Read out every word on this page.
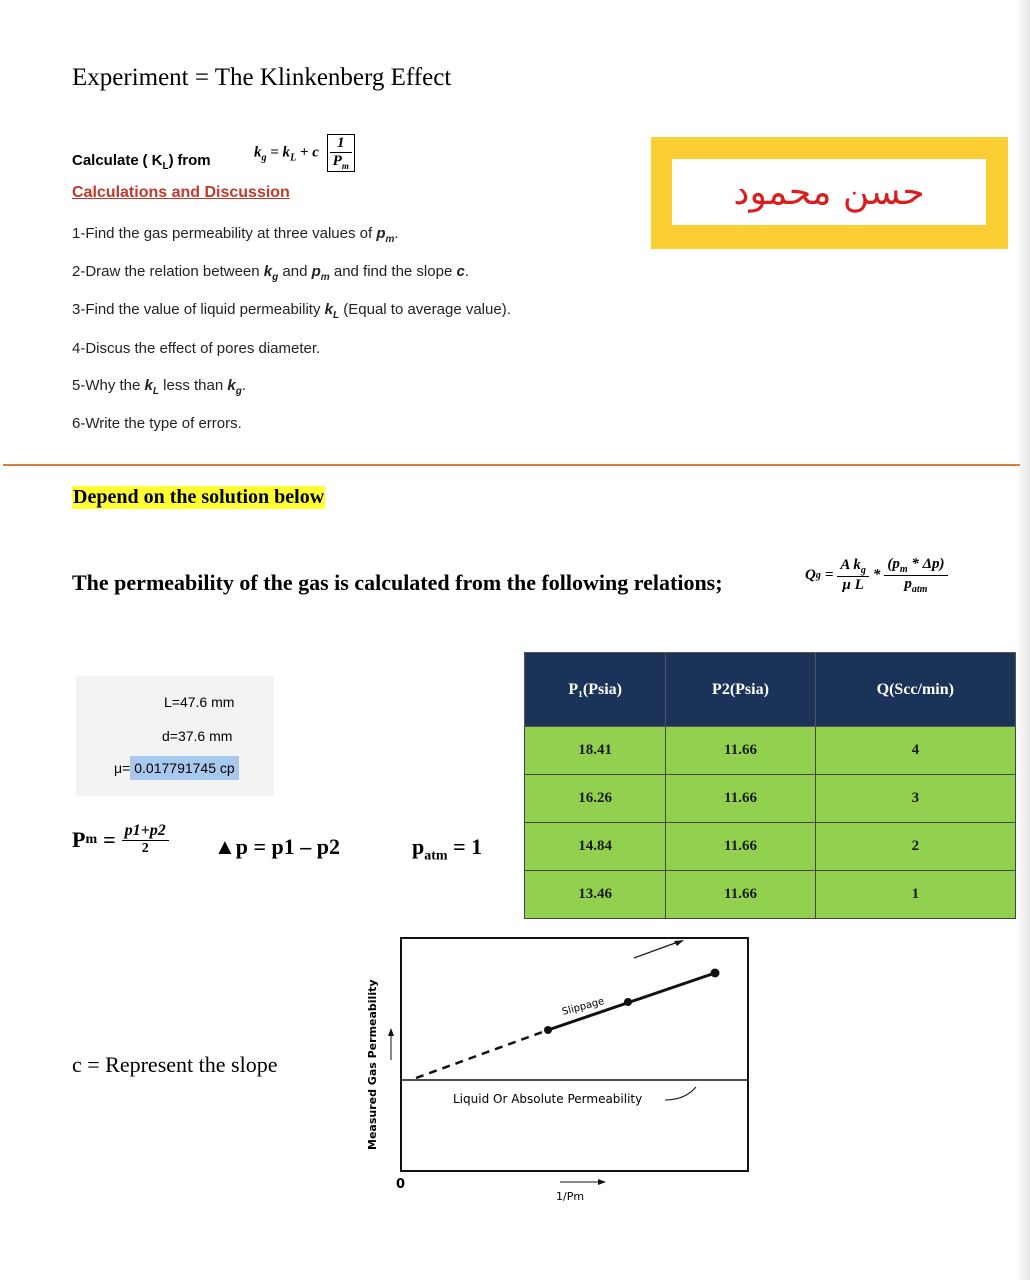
Experiment = The Klinkenberg Effect
Calculate ( $K_L$) from	$k_g = k_L + c \frac{1}{P_m}$
Calculations and Discussion
1-Find the gas permeability at three values of $p_m$.
2-Draw the relation between $k_g$ and $p_m$ and find the slope c.
3-Find the value of liquid permeability $k_L$ (Equal to average value).
4-Discus the effect of pores diameter.
5-Why the $k_L$ less than $k_g$.
6-Write the type of errors.
حسن محمود
Depend on the solution below
The permeability of the gas is calculated from the following relations;	Q $g = \frac{A k_g}{\text{μ L}} * \frac{(p_m * \Delta p)}{p_{atm}}$
L=47.6 mm
d=37.6 mm
μ= 0.017791745 cp
P $m = \frac{p1+p2}{2}$ ▲p = p1 – p2	$p_{atm} = 1$
P₁(Psia)	P2(Psia)	Q(Scc/min)
18.41	11.66	4
16.26	11.66	3
14.84	11.66	2
13.46	11.66	1
c = Represent the slope
Slippage
Liquid Or Absolute Permeability
Measured Gas Permeability
0
1/Pm
